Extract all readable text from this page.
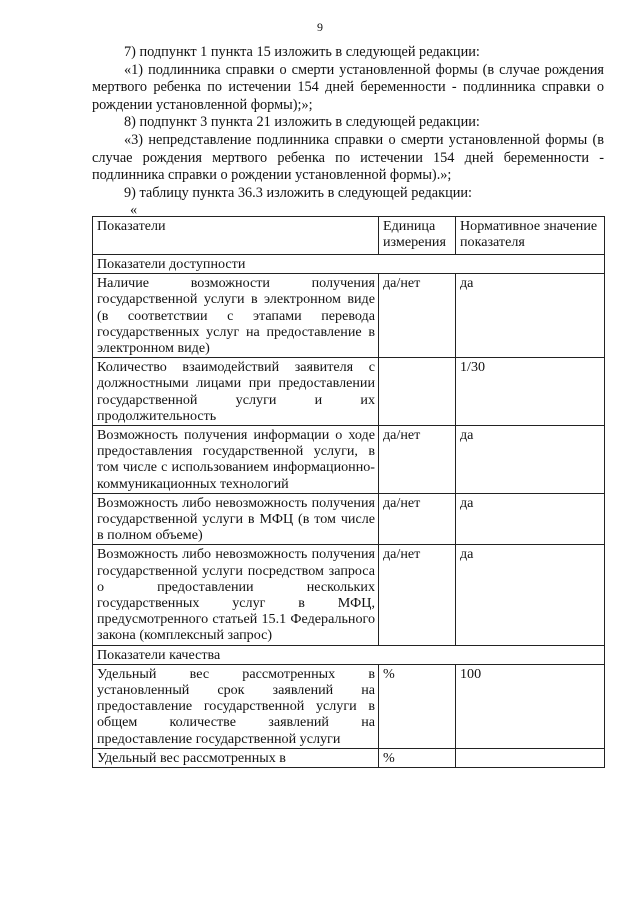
9

7) подпункт 1 пункта 15 изложить в следующей редакции:

«1) подлинника справки о смерти установленной формы (в случае рождения мертвого ребенка по истечении 154 дней беременности - подлинника справки о рождении установленной формы);»;

8) подпункт 3 пункта 21 изложить в следующей редакции:

«3) непредставление подлинника справки о смерти установленной формы (в случае рождения мертвого ребенка по истечении 154 дней беременности - подлинника справки о рождении установленной формы).»;

9) таблицу пункта 36.3 изложить в следующей редакции:

«

Показатели	Единица измерения	Нормативное значение показателя
Показатели доступности		
Наличие возможности получения государственной услуги в электронном виде (в соответствии с этапами перевода государственных услуг на предоставление в электронном виде)	да/нет	да
Количество взаимодействий заявителя с должностными лицами при предоставлении государственной услуги и их продолжительность		1/30
Возможность получения информации о ходе предоставления государственной услуги, в том числе с использованием информационно-коммуникационных технологий	да/нет	да
Возможность либо невозможность получения государственной услуги в МФЦ (в том числе в полном объеме)	да/нет	да
Возможность либо невозможность получения государственной услуги посредством запроса о предоставлении нескольких государственных услуг в МФЦ, предусмотренного статьей 15.1 Федерального закона (комплексный запрос)	да/нет	да
Показатели качества		
Удельный вес рассмотренных в установленный срок заявлений на предоставление государственной услуги в общем количестве заявлений на предоставление государственной услуги	%	100
Удельный вес рассмотренных в	%	
